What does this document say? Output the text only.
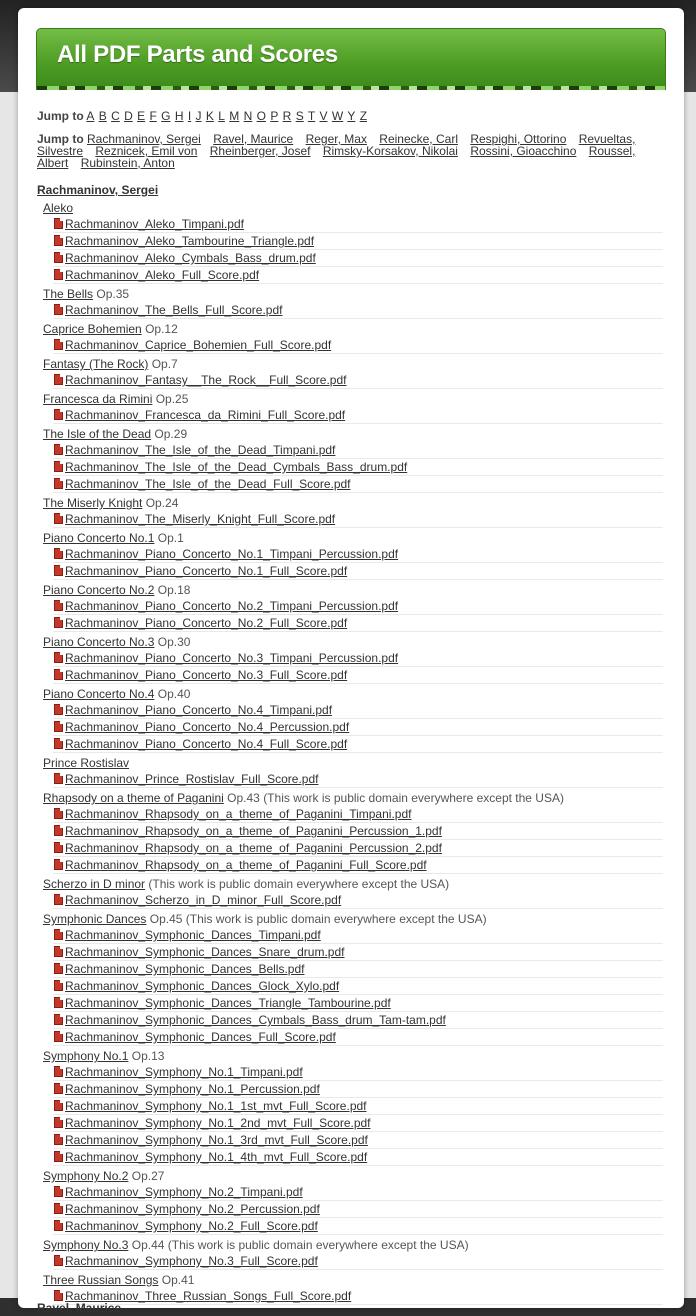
All PDF Parts and Scores
Jump to A B C D E F G H I J K L M N O P R S T V W Y Z
Jump to Rachmaninov, Sergei Ravel, Maurice Reger, Max Reinecke, Carl Respighi, Ottorino Revueltas, Silvestre Reznicek, Emil von Rheinberger, Josef Rimsky-Korsakov, Nikolai Rossini, Gioacchino Roussel, Albert Rubinstein, Anton
Rachmaninov, Sergei
Aleko
Rachmaninov_Aleko_Timpani.pdf
Rachmaninov_Aleko_Tambourine_Triangle.pdf
Rachmaninov_Aleko_Cymbals_Bass_drum.pdf
Rachmaninov_Aleko_Full_Score.pdf
The Bells Op.35
Rachmaninov_The_Bells_Full_Score.pdf
Caprice Bohemien Op.12
Rachmaninov_Caprice_Bohemien_Full_Score.pdf
Fantasy (The Rock) Op.7
Rachmaninov_Fantasy__The_Rock__Full_Score.pdf
Francesca da Rimini Op.25
Rachmaninov_Francesca_da_Rimini_Full_Score.pdf
The Isle of the Dead Op.29
Rachmaninov_The_Isle_of_the_Dead_Timpani.pdf
Rachmaninov_The_Isle_of_the_Dead_Cymbals_Bass_drum.pdf
Rachmaninov_The_Isle_of_the_Dead_Full_Score.pdf
The Miserly Knight Op.24
Rachmaninov_The_Miserly_Knight_Full_Score.pdf
Piano Concerto No.1 Op.1
Rachmaninov_Piano_Concerto_No.1_Timpani_Percussion.pdf
Rachmaninov_Piano_Concerto_No.1_Full_Score.pdf
Piano Concerto No.2 Op.18
Rachmaninov_Piano_Concerto_No.2_Timpani_Percussion.pdf
Rachmaninov_Piano_Concerto_No.2_Full_Score.pdf
Piano Concerto No.3 Op.30
Rachmaninov_Piano_Concerto_No.3_Timpani_Percussion.pdf
Rachmaninov_Piano_Concerto_No.3_Full_Score.pdf
Piano Concerto No.4 Op.40
Rachmaninov_Piano_Concerto_No.4_Timpani.pdf
Rachmaninov_Piano_Concerto_No.4_Percussion.pdf
Rachmaninov_Piano_Concerto_No.4_Full_Score.pdf
Prince Rostislav
Rachmaninov_Prince_Rostislav_Full_Score.pdf
Rhapsody on a theme of Paganini Op.43 (This work is public domain everywhere except the USA)
Rachmaninov_Rhapsody_on_a_theme_of_Paganini_Timpani.pdf
Rachmaninov_Rhapsody_on_a_theme_of_Paganini_Percussion_1.pdf
Rachmaninov_Rhapsody_on_a_theme_of_Paganini_Percussion_2.pdf
Rachmaninov_Rhapsody_on_a_theme_of_Paganini_Full_Score.pdf
Scherzo in D minor (This work is public domain everywhere except the USA)
Rachmaninov_Scherzo_in_D_minor_Full_Score.pdf
Symphonic Dances Op.45 (This work is public domain everywhere except the USA)
Rachmaninov_Symphonic_Dances_Timpani.pdf
Rachmaninov_Symphonic_Dances_Snare_drum.pdf
Rachmaninov_Symphonic_Dances_Bells.pdf
Rachmaninov_Symphonic_Dances_Glock_Xylo.pdf
Rachmaninov_Symphonic_Dances_Triangle_Tambourine.pdf
Rachmaninov_Symphonic_Dances_Cymbals_Bass_drum_Tam-tam.pdf
Rachmaninov_Symphonic_Dances_Full_Score.pdf
Symphony No.1 Op.13
Rachmaninov_Symphony_No.1_Timpani.pdf
Rachmaninov_Symphony_No.1_Percussion.pdf
Rachmaninov_Symphony_No.1_1st_mvt_Full_Score.pdf
Rachmaninov_Symphony_No.1_2nd_mvt_Full_Score.pdf
Rachmaninov_Symphony_No.1_3rd_mvt_Full_Score.pdf
Rachmaninov_Symphony_No.1_4th_mvt_Full_Score.pdf
Symphony No.2 Op.27
Rachmaninov_Symphony_No.2_Timpani.pdf
Rachmaninov_Symphony_No.2_Percussion.pdf
Rachmaninov_Symphony_No.2_Full_Score.pdf
Symphony No.3 Op.44 (This work is public domain everywhere except the USA)
Rachmaninov_Symphony_No.3_Full_Score.pdf
Three Russian Songs Op.41
Rachmaninov_Three_Russian_Songs_Full_Score.pdf
Ravel, Maurice
